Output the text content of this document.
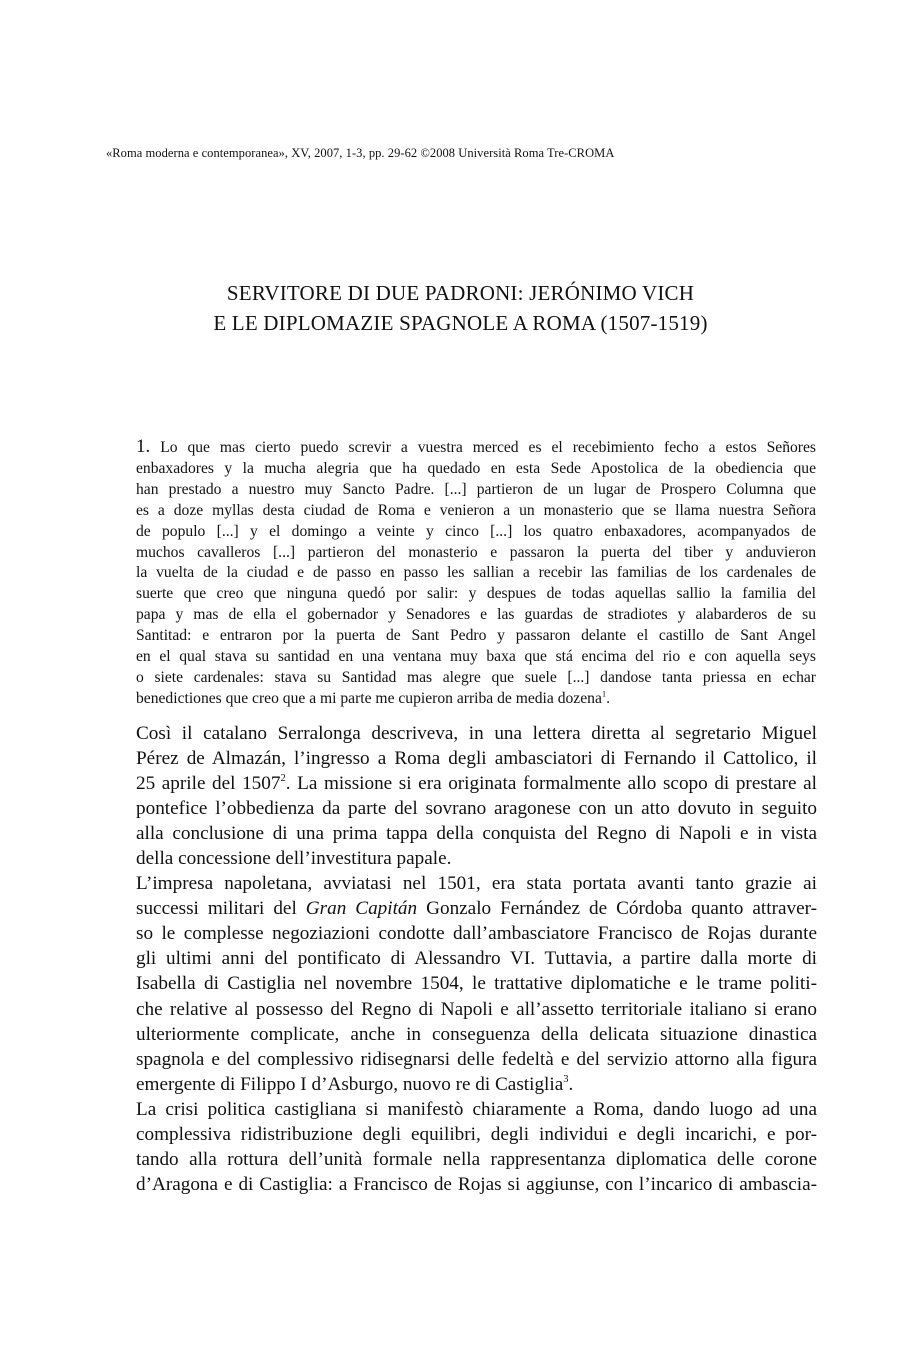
«Roma moderna e contemporanea», XV, 2007, 1-3, pp. 29-62 ©2008 Università Roma Tre-CROMA
SERVITORE DI DUE PADRONI: JERÓNIMO VICH
E LE DIPLOMAZIE SPAGNOLE A ROMA (1507-1519)
1. Lo que mas cierto puedo screvir a vuestra merced es el recebimiento fecho a estos Señores
enbaxadores y la mucha alegria que ha quedado en esta Sede Apostolica de la obediencia que
han prestado a nuestro muy Sancto Padre. [...] partieron de un lugar de Prospero Columna que
es a doze myllas desta ciudad de Roma e venieron a un monasterio que se llama nuestra Señora
de populo [...] y el domingo a veinte y cinco [...] los quatro enbaxadores, acompanyados de
muchos cavalleros [...] partieron del monasterio e passaron la puerta del tiber y anduvieron
la vuelta de la ciudad e de passo en passo les sallian a recebir las familias de los cardenales de
suerte que creo que ninguna quedó por salir: y despues de todas aquellas sallio la familia del
papa y mas de ella el gobernador y Senadores e las guardas de stradiotes y alabarderos de su
Santitad: e entraron por la puerta de Sant Pedro y passaron delante el castillo de Sant Angel
en el qual stava su santidad en una ventana muy baxa que stá encima del rio e con aquella seys
o siete cardenales: stava su Santidad mas alegre que suele [...] dandose tanta priessa en echar
benedictiones que creo que a mi parte me cupieron arriba de media dozena$^1$.

Così il catalano Serralonga descriveva, in una lettera diretta al segretario Miguel
Pérez de Almazán, l’ingresso a Roma degli ambasciatori di Fernando il Cattolico, il
25 aprile del 1507$^2$. La missione si era originata formalmente allo scopo di prestare al
pontefice l’obbedienza da parte del sovrano aragonese con un atto dovuto in seguito
alla conclusione di una prima tappa della conquista del Regno di Napoli e in vista
della concessione dell’investitura papale.

L’impresa napoletana, avviatasi nel 1501, era stata portata avanti tanto grazie ai
successi militari del Gran Capitán Gonzalo Fernández de Córdoba quanto attraver-
so le complesse negoziazioni condotte dall’ambasciatore Francisco de Rojas durante
gli ultimi anni del pontificato di Alessandro VI. Tuttavia, a partire dalla morte di
Isabella di Castiglia nel novembre 1504, le trattative diplomatiche e le trame politi-
che relative al possesso del Regno di Napoli e all’assetto territoriale italiano si erano
ulteriormente complicate, anche in conseguenza della delicata situazione dinastica
spagnola e del complessivo ridisegnarsi delle fedeltà e del servizio attorno alla figura
emergente di Filippo I d’Asburgo, nuovo re di Castiglia$^3$.

La crisi politica castigliana si manifestò chiaramente a Roma, dando luogo ad una
complessiva ridistribuzione degli equilibri, degli individui e degli incarichi, e por-
tando alla rottura dell’unità formale nella rappresentanza diplomatica delle corone
d’Aragona e di Castiglia: a Francisco de Rojas si aggiunse, con l’incarico di ambascia-
